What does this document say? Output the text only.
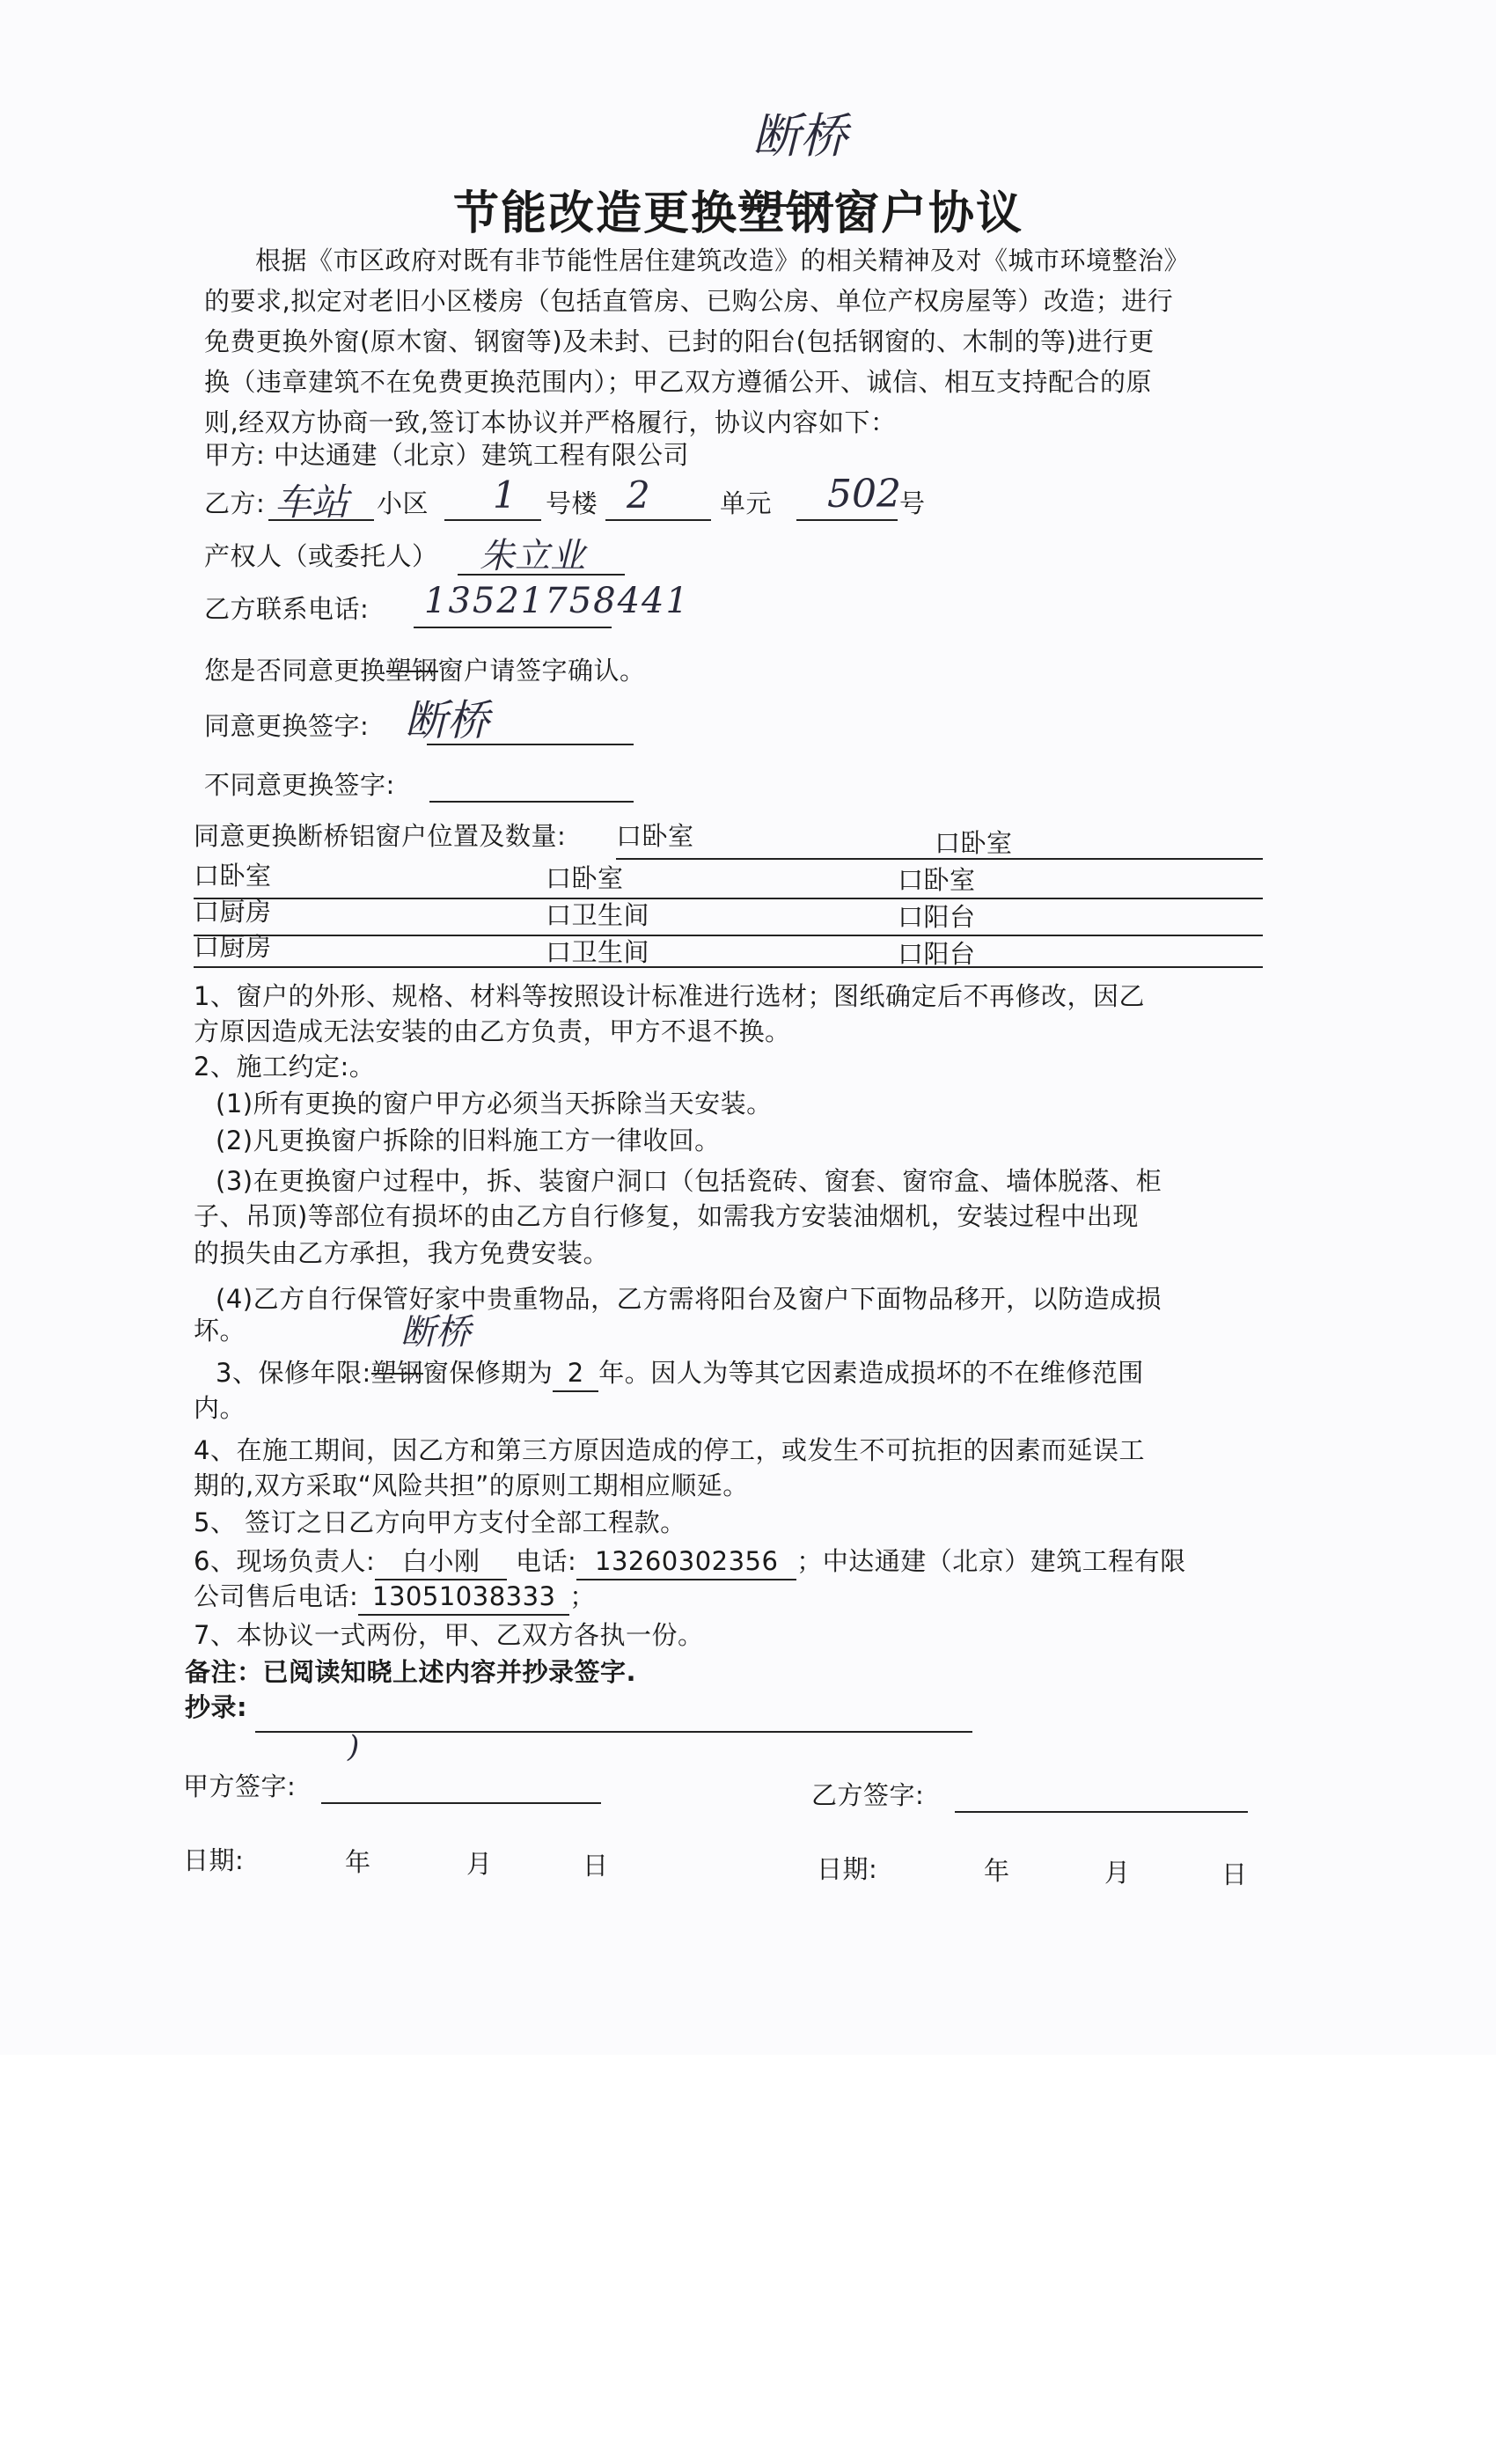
断桥
节能改造更换塑钢
窗户协议
根据《市区政府对既有非节能性居住建筑改造》的相关精神及对《城市环境整治》
的要求,拟定对老旧小区楼房（包括直管房、已购公房、单位产权房屋等）改造；进行
免费更换外窗(原木窗、钢窗等)及未封、已封的阳台(包括钢窗的、木制的等)进行更
换（违章建筑不在免费更换范围内）；甲乙双方遵循公开、诚信、相互支持配合的原
则,经双方协商一致,签订本协议并严格履行，协议内容如下：
甲方: 中达通建（北京）建筑工程有限公司
乙方: 车站 小区 1 号楼 2	单元 502
号
产权人（或委托人） 朱立业
乙方联系电话: 13521758441
您是否同意更换塑钢
窗户请签字确认。
同意更换签字: 断桥
不同意更换签字:
同意更换断桥铝窗户位置及数量: 口卧室	口卧室
口卧室	口卧室	口卧室
口厨房	口卫生间	口阳台
口厨房	口卫生间	口阳台
1、窗户的外形、规格、材料等按照设计标准进行选材；图纸确定后不再修改，因乙
方原因造成无法安装的由乙方负责，甲方不退不换。
2、施工约定:。
(1)所有更换的窗户甲方必须当天拆除当天安装。
(2)凡更换窗户拆除的旧料施工方一律收回。
(3)在更换窗户过程中，拆、装窗户洞口（包括瓷砖、窗套、窗帘盒、墙体脱落、柜
子、吊顶)等部位有损坏的由乙方自行修复，如需我方安装油烟机，安装过程中出现
的损失由乙方承担，我方免费安装。
(4)乙方自行保管好家中贵重物品，乙方需将阳台及窗户下面物品移开，以防造成损
坏。	断桥
3、保修年限:塑钢
窗保修期为 2 年。因人为等其它因素造成损坏的不在维修范围
内。
4、在施工期间，因乙方和第三方原因造成的停工，或发生不可抗拒的因素而延误工
期的,双方采取“风险共担”的原则工期相应顺延。
5、 签订之日乙方向甲方支付全部工程款。
6、现场负责人: 白小刚 电话: 13260302356 ；中达通建（北京）建筑工程有限
公司售后电话: 13051038333 ；
7、本协议一式两份，甲、乙双方各执一份。
备注：已阅读知晓上述内容并抄录签字.
抄录:
)
甲方签字:	乙方签字:
日期:	年	月	日	日期:	年	月	日
